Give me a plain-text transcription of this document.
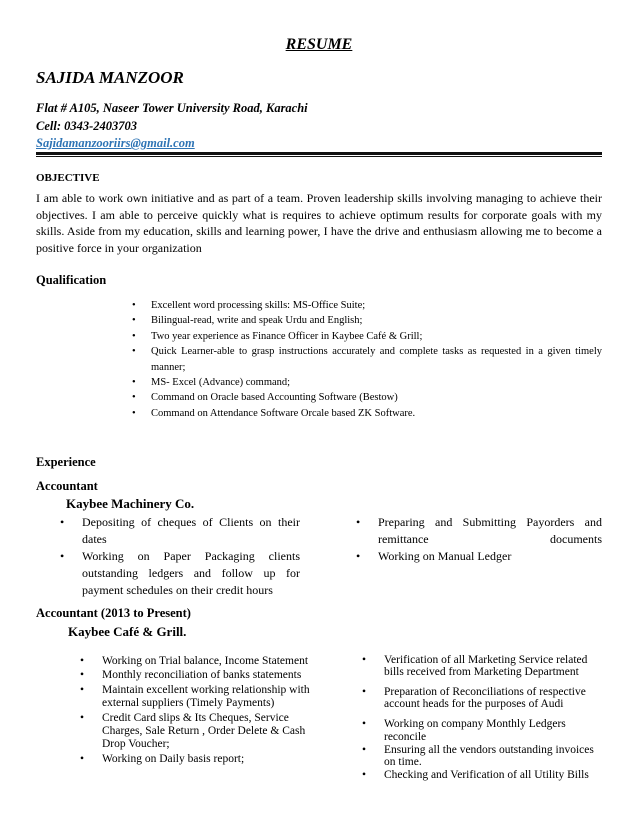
RESUME
SAJIDA MANZOOR
Flat # A105, Naseer Tower University Road, Karachi
Cell: 0343-2403703
Sajidamanzooriirs@gmail.com
OBJECTIVE
I am able to work own initiative and as part of a team. Proven leadership skills involving managing to achieve their objectives. I am able to perceive quickly what is requires to achieve optimum results for corporate goals with my skills. Aside from my education, skills and learning power, I have the drive and enthusiasm allowing me to become a positive force in your organization
Qualification
• Excellent word processing skills: MS-Office Suite;
• Bilingual-read, write and speak Urdu and English;
• Two year experience as Finance Officer in Kaybee Café & Grill;
• Quick Learner-able to grasp instructions accurately and complete tasks as requested in a given timely manner;
• MS- Excel (Advance) command;
• Command on Oracle based Accounting Software (Bestow)
• Command on Attendance Software Orcale based ZK Software.
Experience
Accountant
Kaybee Machinery Co.
• Depositing of cheques of Clients on their dates
• Working on Paper Packaging clients outstanding ledgers and follow up for payment schedules on their credit hours
• Preparing and Submitting Payorders and remittance documents
• Working on Manual Ledger
Accountant (2013 to Present)
Kaybee Café & Grill.
• Working on Trial balance, Income Statement
• Monthly reconciliation of banks statements
• Maintain excellent working relationship with external suppliers (Timely Payments)
• Credit Card slips & Its Cheques, Service Charges, Sale Return , Order Delete & Cash Drop Voucher;
• Working on Daily basis report;
• Verification of all Marketing Service related bills received from Marketing Department
• Preparation of Reconciliations of respective account heads for the purposes of Audi
• Working on company Monthly Ledgers reconcile
• Ensuring all the vendors outstanding invoices on time.
• Checking and Verification of all Utility Bills
